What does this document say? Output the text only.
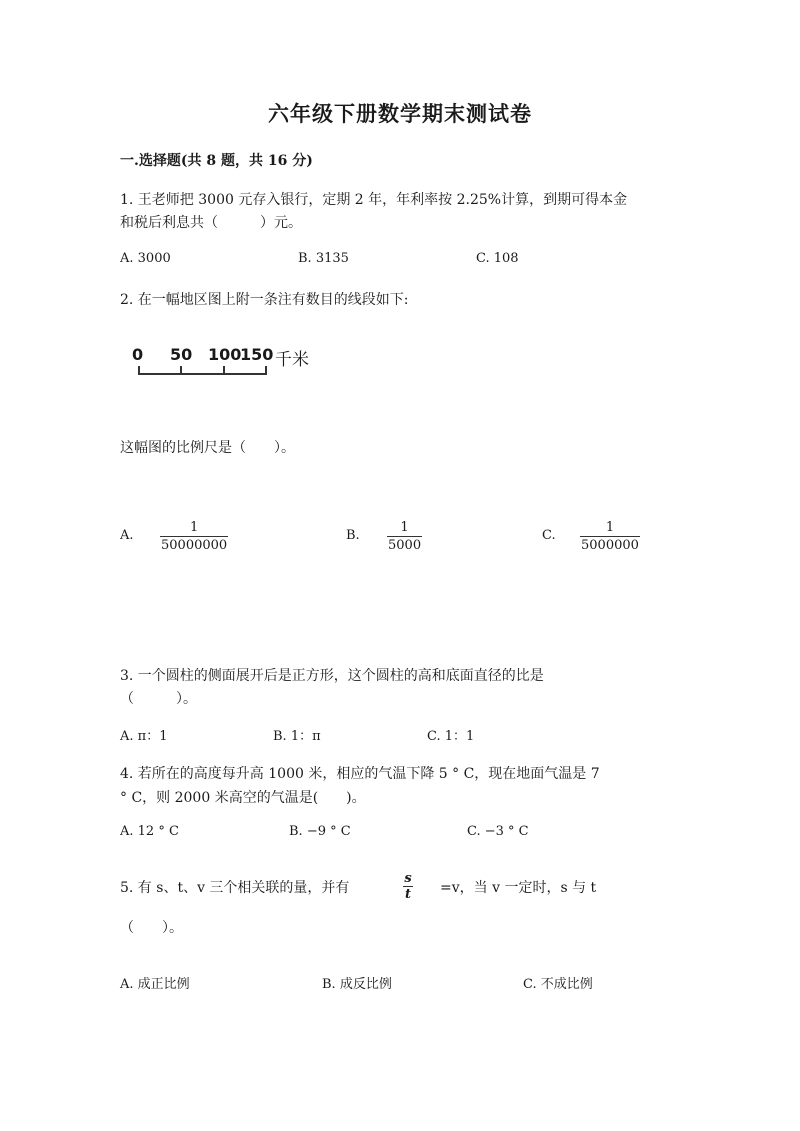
六年级下册数学期末测试卷
一.选择题(共 8 题，共 16 分)
1. 王老师把 3000 元存入银行，定期 2 年，年利率按 2.25%计算，到期可得本金
和税后利息共（　　　）元。
A. 3000	B. 3135	C. 108
2. 在一幅地区图上附一条注有数目的线段如下:
0 50 100
150 千米
这幅图的比例尺是（　　）。
A. $\frac{1}{50000000}$	B. $\frac{1}{5000}$	C. $\frac{1}{5000000}$
3. 一个圆柱的侧面展开后是正方形，这个圆柱的高和底面直径的比是
（　　　）。
A. π：1	B. 1：π	C. 1：1
4. 若所在的高度每升高 1000 米，相应的气温下降 5 ° C，现在地面气温是 7
° C，则 2000 米高空的气温是(　　)。
A. 12 ° C	B. −9 ° C	C. −3 ° C
5. 有 s、t、v 三个相关联的量，并有	$\frac{s}{t} =v$，当 v 一定时，s 与 t
（　　）。
A. 成正比例	B. 成反比例	C. 不成比例
